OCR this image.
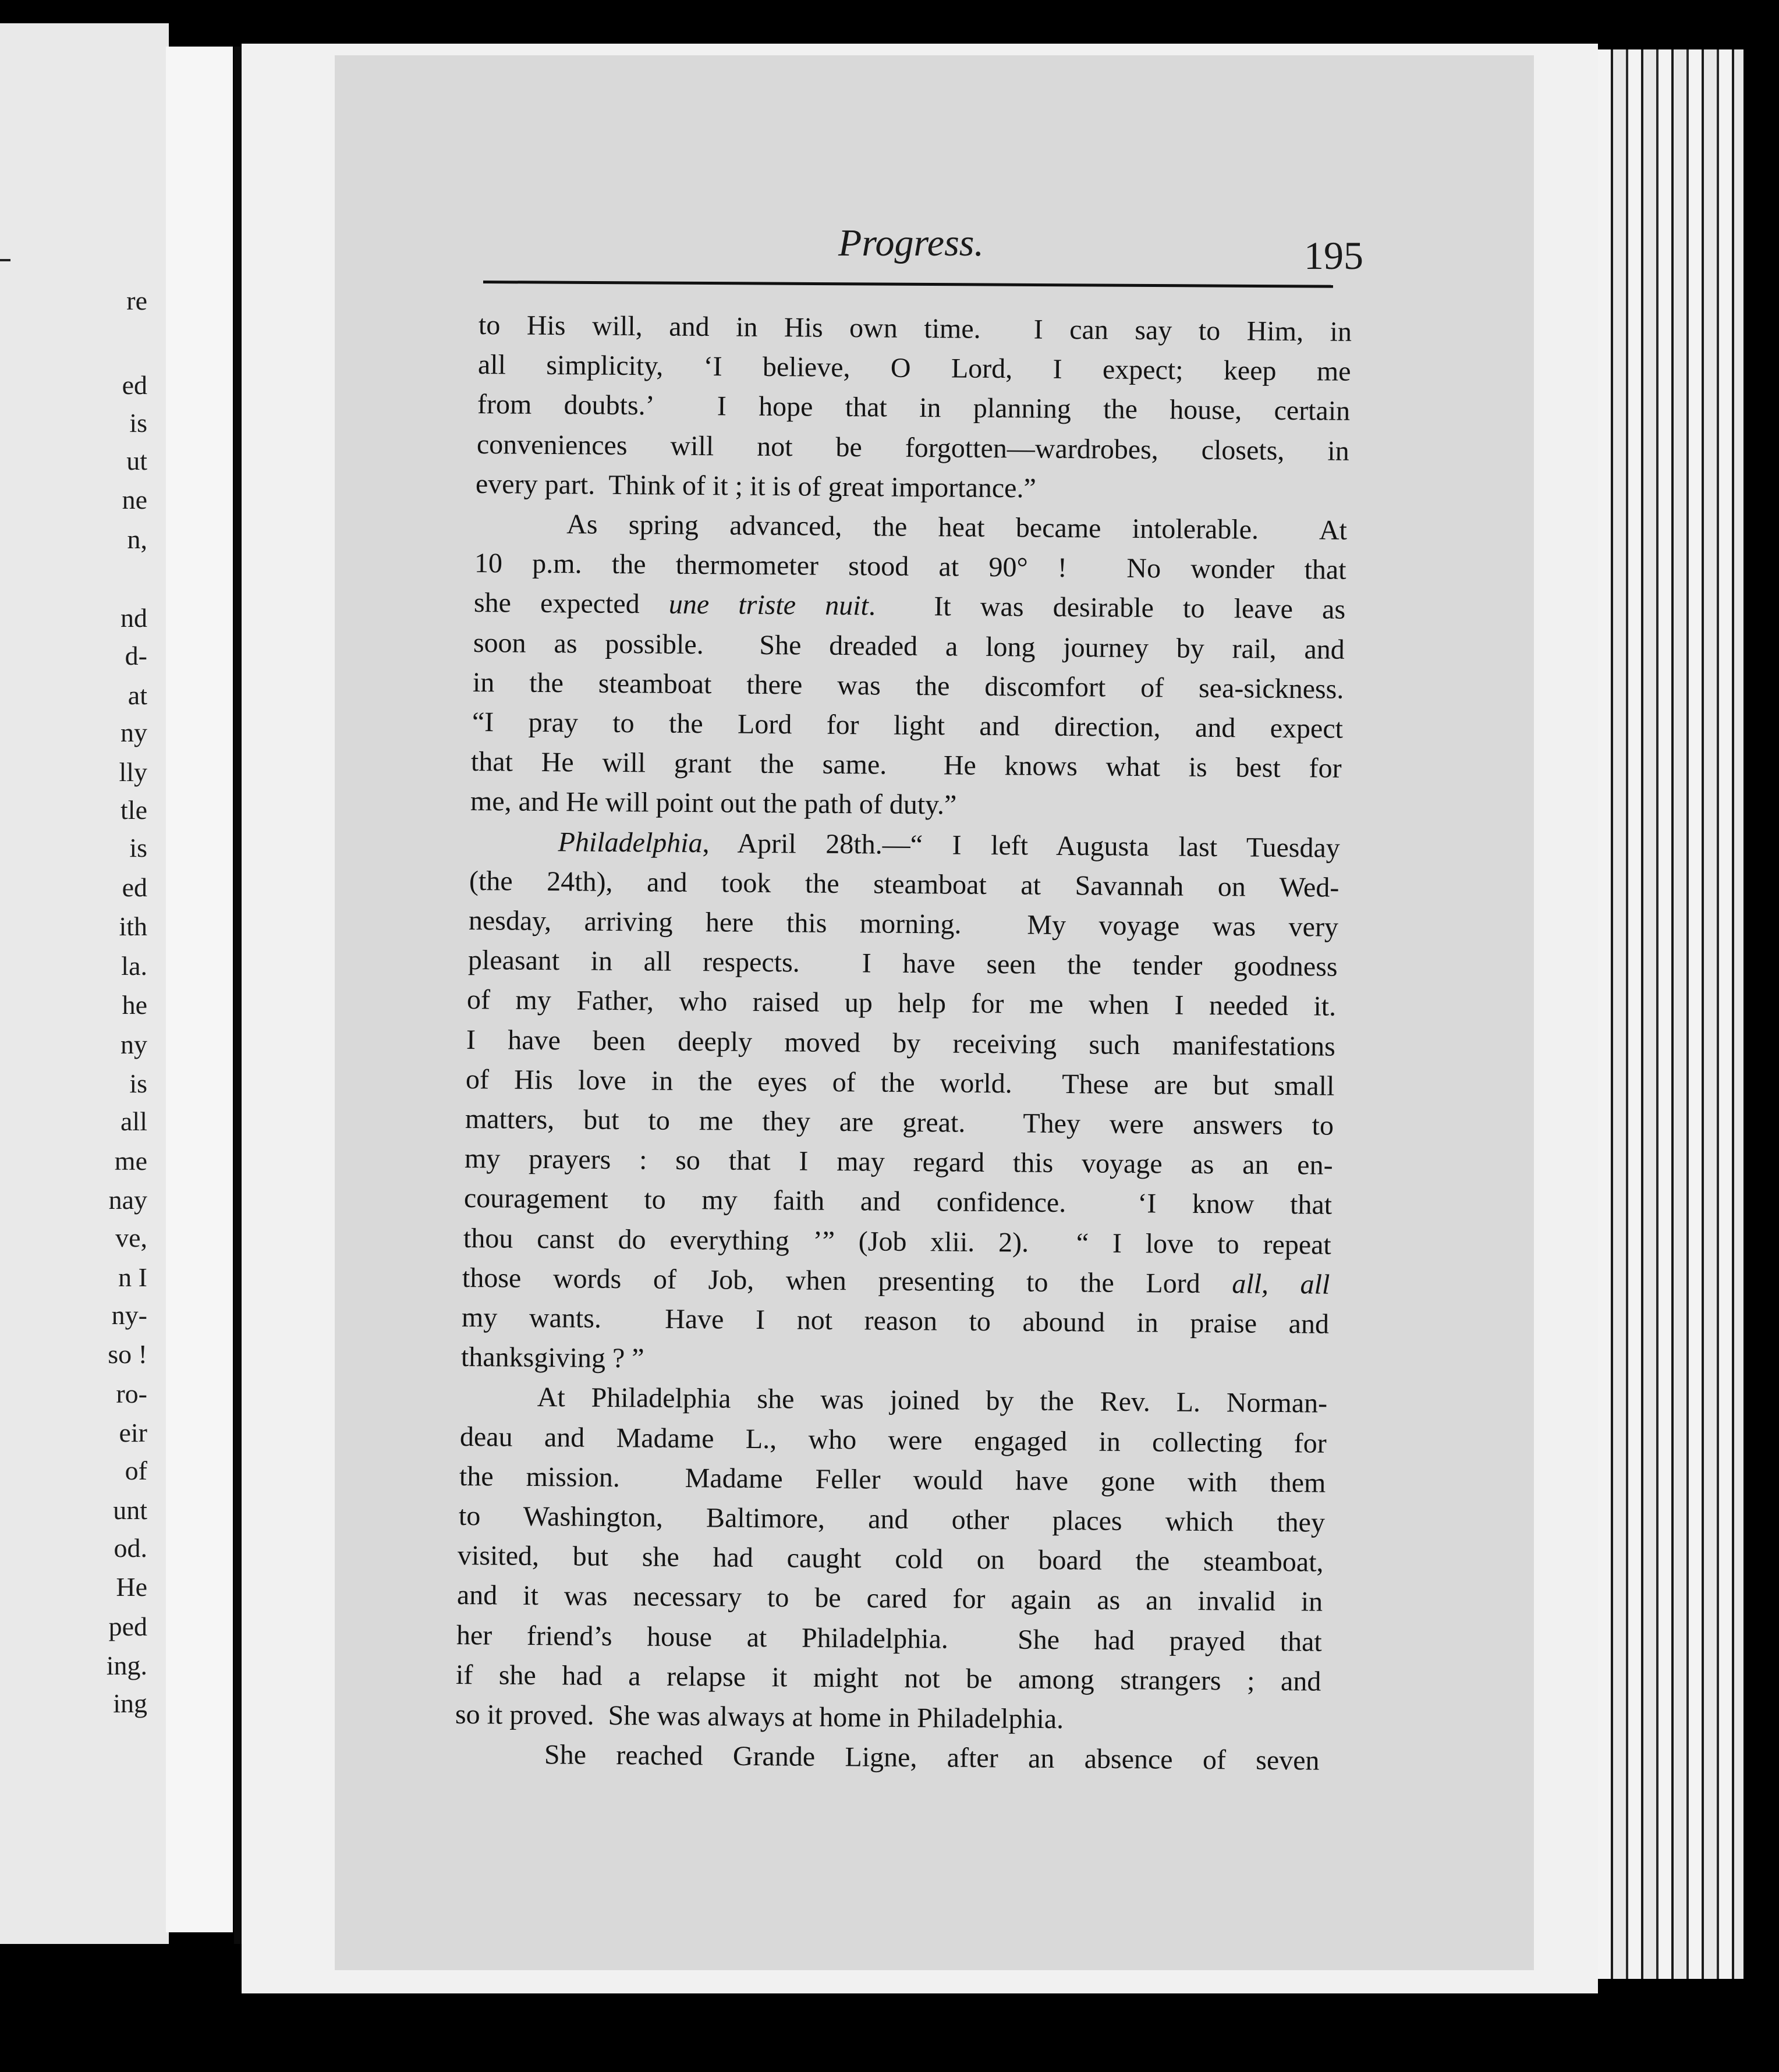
re
ed
is
ut
ne
n,
nd
d-
at
ny
lly
tle
is
ed
ith
la.
he
ny
is
all
me
nay
ve,
n I
ny-
so !
ro-
eir
of
unt
od.
He
ped
ing.
ing
Progress.	195
to His will, and in His own time.  I can say to Him, in
all simplicity, ‘I believe, O Lord, I expect; keep me
from doubts.’  I hope that in planning the house, certain
conveniences will not be forgotten—wardrobes, closets, in
every part.  Think of it ; it is of great importance.”
As spring advanced, the heat became intolerable.  At
10 p.m. the thermometer stood at 90° !  No wonder that
she expected une triste nuit.  It was desirable to leave as
soon as possible.  She dreaded a long journey by rail, and
in the steamboat there was the discomfort of sea-sickness.
“I pray to the Lord for light and direction, and expect
that He will grant the same.  He knows what is best for
me, and He will point out the path of duty.”
Philadelphia, April 28th.—“ I left Augusta last Tuesday
(the 24th), and took the steamboat at Savannah on Wed-
nesday, arriving here this morning.  My voyage was very
pleasant in all respects.  I have seen the tender goodness
of my Father, who raised up help for me when I needed it.
I have been deeply moved by receiving such manifestations
of His love in the eyes of the world.  These are but small
matters, but to me they are great.  They were answers to
my prayers : so that I may regard this voyage as an en-
couragement to my faith and confidence.  ‘I know that
thou canst do everything ’” (Job xlii. 2).  “ I love to repeat
those words of Job, when presenting to the Lord all, all
my wants.  Have I not reason to abound in praise and
thanksgiving ? ”
At Philadelphia she was joined by the Rev. L. Norman-
deau and Madame L., who were engaged in collecting for
the mission.  Madame Feller would have gone with them
to Washington, Baltimore, and other places which they
visited, but she had caught cold on board the steamboat,
and it was necessary to be cared for again as an invalid in
her friend’s house at Philadelphia.  She had prayed that
if she had a relapse it might not be among strangers ; and
so it proved.  She was always at home in Philadelphia.
She reached Grande Ligne, after an absence of seven
